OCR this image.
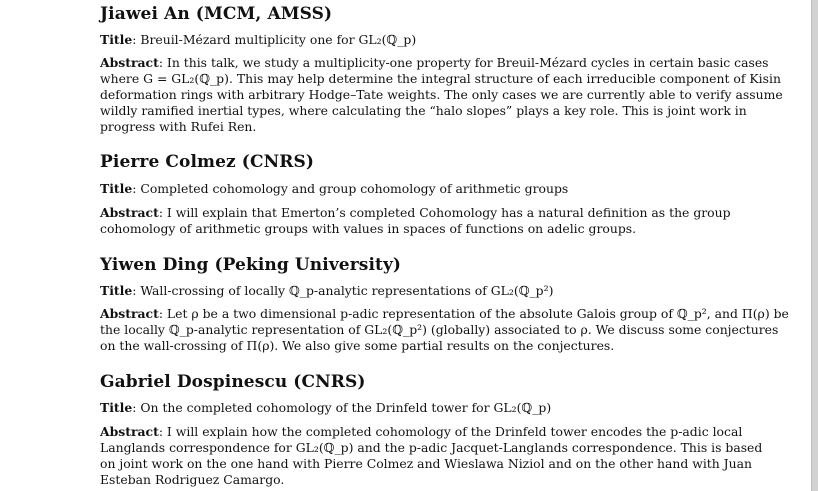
Jiawei An (MCM, AMSS)
Title: Breuil-Mézard multiplicity one for GL₂(ℚ_p)
Abstract: In this talk, we study a multiplicity-one property for Breuil-Mézard cycles in certain basic cases
where G = GL₂(ℚ_p). This may help determine the integral structure of each irreducible component of Kisin
deformation rings with arbitrary Hodge–Tate weights. The only cases we are currently able to verify assume
wildly ramified inertial types, where calculating the “halo slopes” plays a key role. This is joint work in
progress with Rufei Ren.
Pierre Colmez (CNRS)
Title: Completed cohomology and group cohomology of arithmetic groups
Abstract: I will explain that Emerton’s completed Cohomology has a natural definition as the group
cohomology of arithmetic groups with values in spaces of functions on adelic groups.
Yiwen Ding (Peking University)
Title: Wall-crossing of locally ℚ_p-analytic representations of GL₂(ℚ_p²)
Abstract: Let ρ be a two dimensional p-adic representation of the absolute Galois group of ℚ_p², and Π(ρ) be
the locally ℚ_p-analytic representation of GL₂(ℚ_p²) (globally) associated to ρ. We discuss some conjectures
on the wall-crossing of Π(ρ). We also give some partial results on the conjectures.
Gabriel Dospinescu (CNRS)
Title: On the completed cohomology of the Drinfeld tower for GL₂(ℚ_p)
Abstract: I will explain how the completed cohomology of the Drinfeld tower encodes the p-adic local
Langlands correspondence for GL₂(ℚ_p) and the p-adic Jacquet-Langlands correspondence. This is based
on joint work on the one hand with Pierre Colmez and Wieslawa Niziol and on the other hand with Juan
Esteban Rodriguez Camargo.
